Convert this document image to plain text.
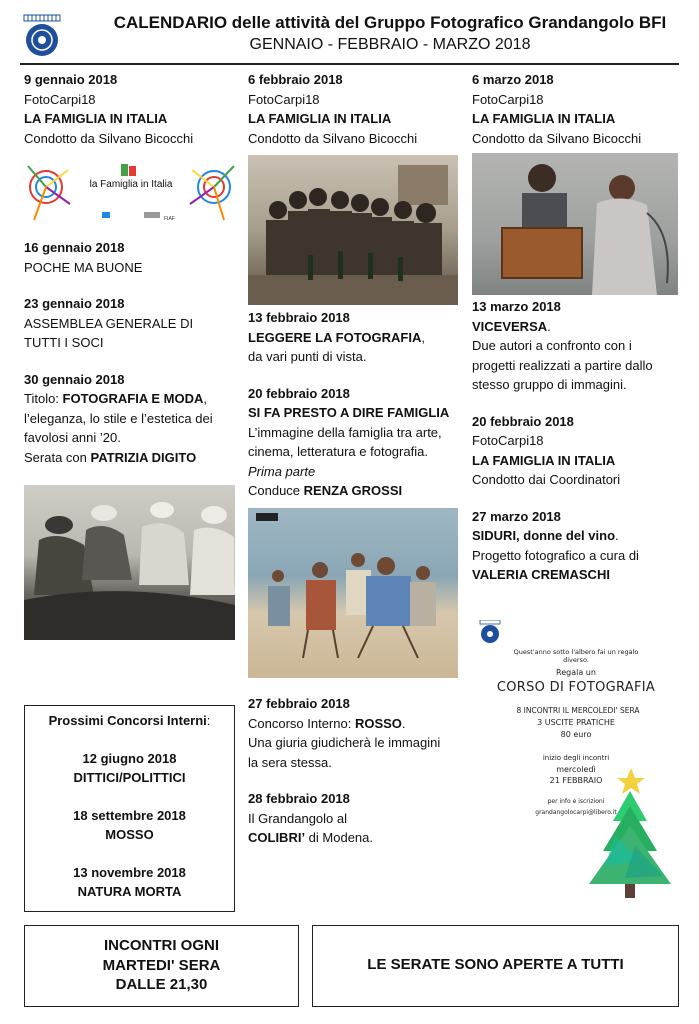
CALENDARIO delle attività del Gruppo Fotografico Grandangolo BFI
GENNAIO - FEBBRAIO - MARZO 2018

9 gennaio 2018

FotoCarpi18

LA FAMIGLIA IN ITALIA

Condotto da Silvano Bicocchi

la Famiglia in Italia
FIAF

16 gennaio 2018

POCHE MA BUONE

23 gennaio 2018

ASSEMBLEA GENERALE DI

TUTTI I SOCI

30 gennaio 2018

Titolo: FOTOGRAFIA E MODA,

l’eleganza, lo stile e l’estetica dei

favolosi anni ’20.

Serata con PATRIZIA DIGITO

Prossimi Concorsi Interni:

12 giugno 2018

DITTICI/POLITTICI

18 settembre 2018

MOSSO

13 novembre 2018

NATURA MORTA

6 febbraio 2018

FotoCarpi18

LA FAMIGLIA IN ITALIA

Condotto da Silvano Bicocchi

13 febbraio 2018

LEGGERE LA FOTOGRAFIA,

da vari punti di vista.

20 febbraio 2018

SI FA PRESTO A DIRE FAMIGLIA

L’immagine della famiglia tra arte,

cinema, letteratura e fotografia.

Prima parte

Conduce RENZA GROSSI

27 febbraio 2018

Concorso Interno: ROSSO.

Una giuria giudicherà le immagini

la sera stessa.

28 febbraio 2018

Il Grandangolo al

COLIBRI’ di Modena.

6 marzo 2018

FotoCarpi18

LA FAMIGLIA IN ITALIA

Condotto da Silvano Bicocchi

13 marzo 2018

VICEVERSA.

Due autori a confronto con i

progetti realizzati a partire dallo

stesso gruppo di immagini.

20 febbraio 2018

FotoCarpi18

LA FAMIGLIA IN ITALIA

Condotto dai Coordinatori

27 marzo 2018

SIDURI, donne del vino.

Progetto fotografico a cura di

VALERIA CREMASCHI

Quest'anno sotto l'albero fai un regalo diverso.
Regala un
CORSO DI FOTOGRAFIA
8 INCONTRI IL MERCOLEDI' SERA
3 USCITE PRATICHE
80 euro
inizio degli incontri
mercoledì
21 FEBBRAIO
per info e iscrizioni
grandangolocarpi@libero.it
INCONTRI OGNI
MARTEDI' SERA
DALLE 21,30
LE SERATE SONO APERTE A TUTTI
